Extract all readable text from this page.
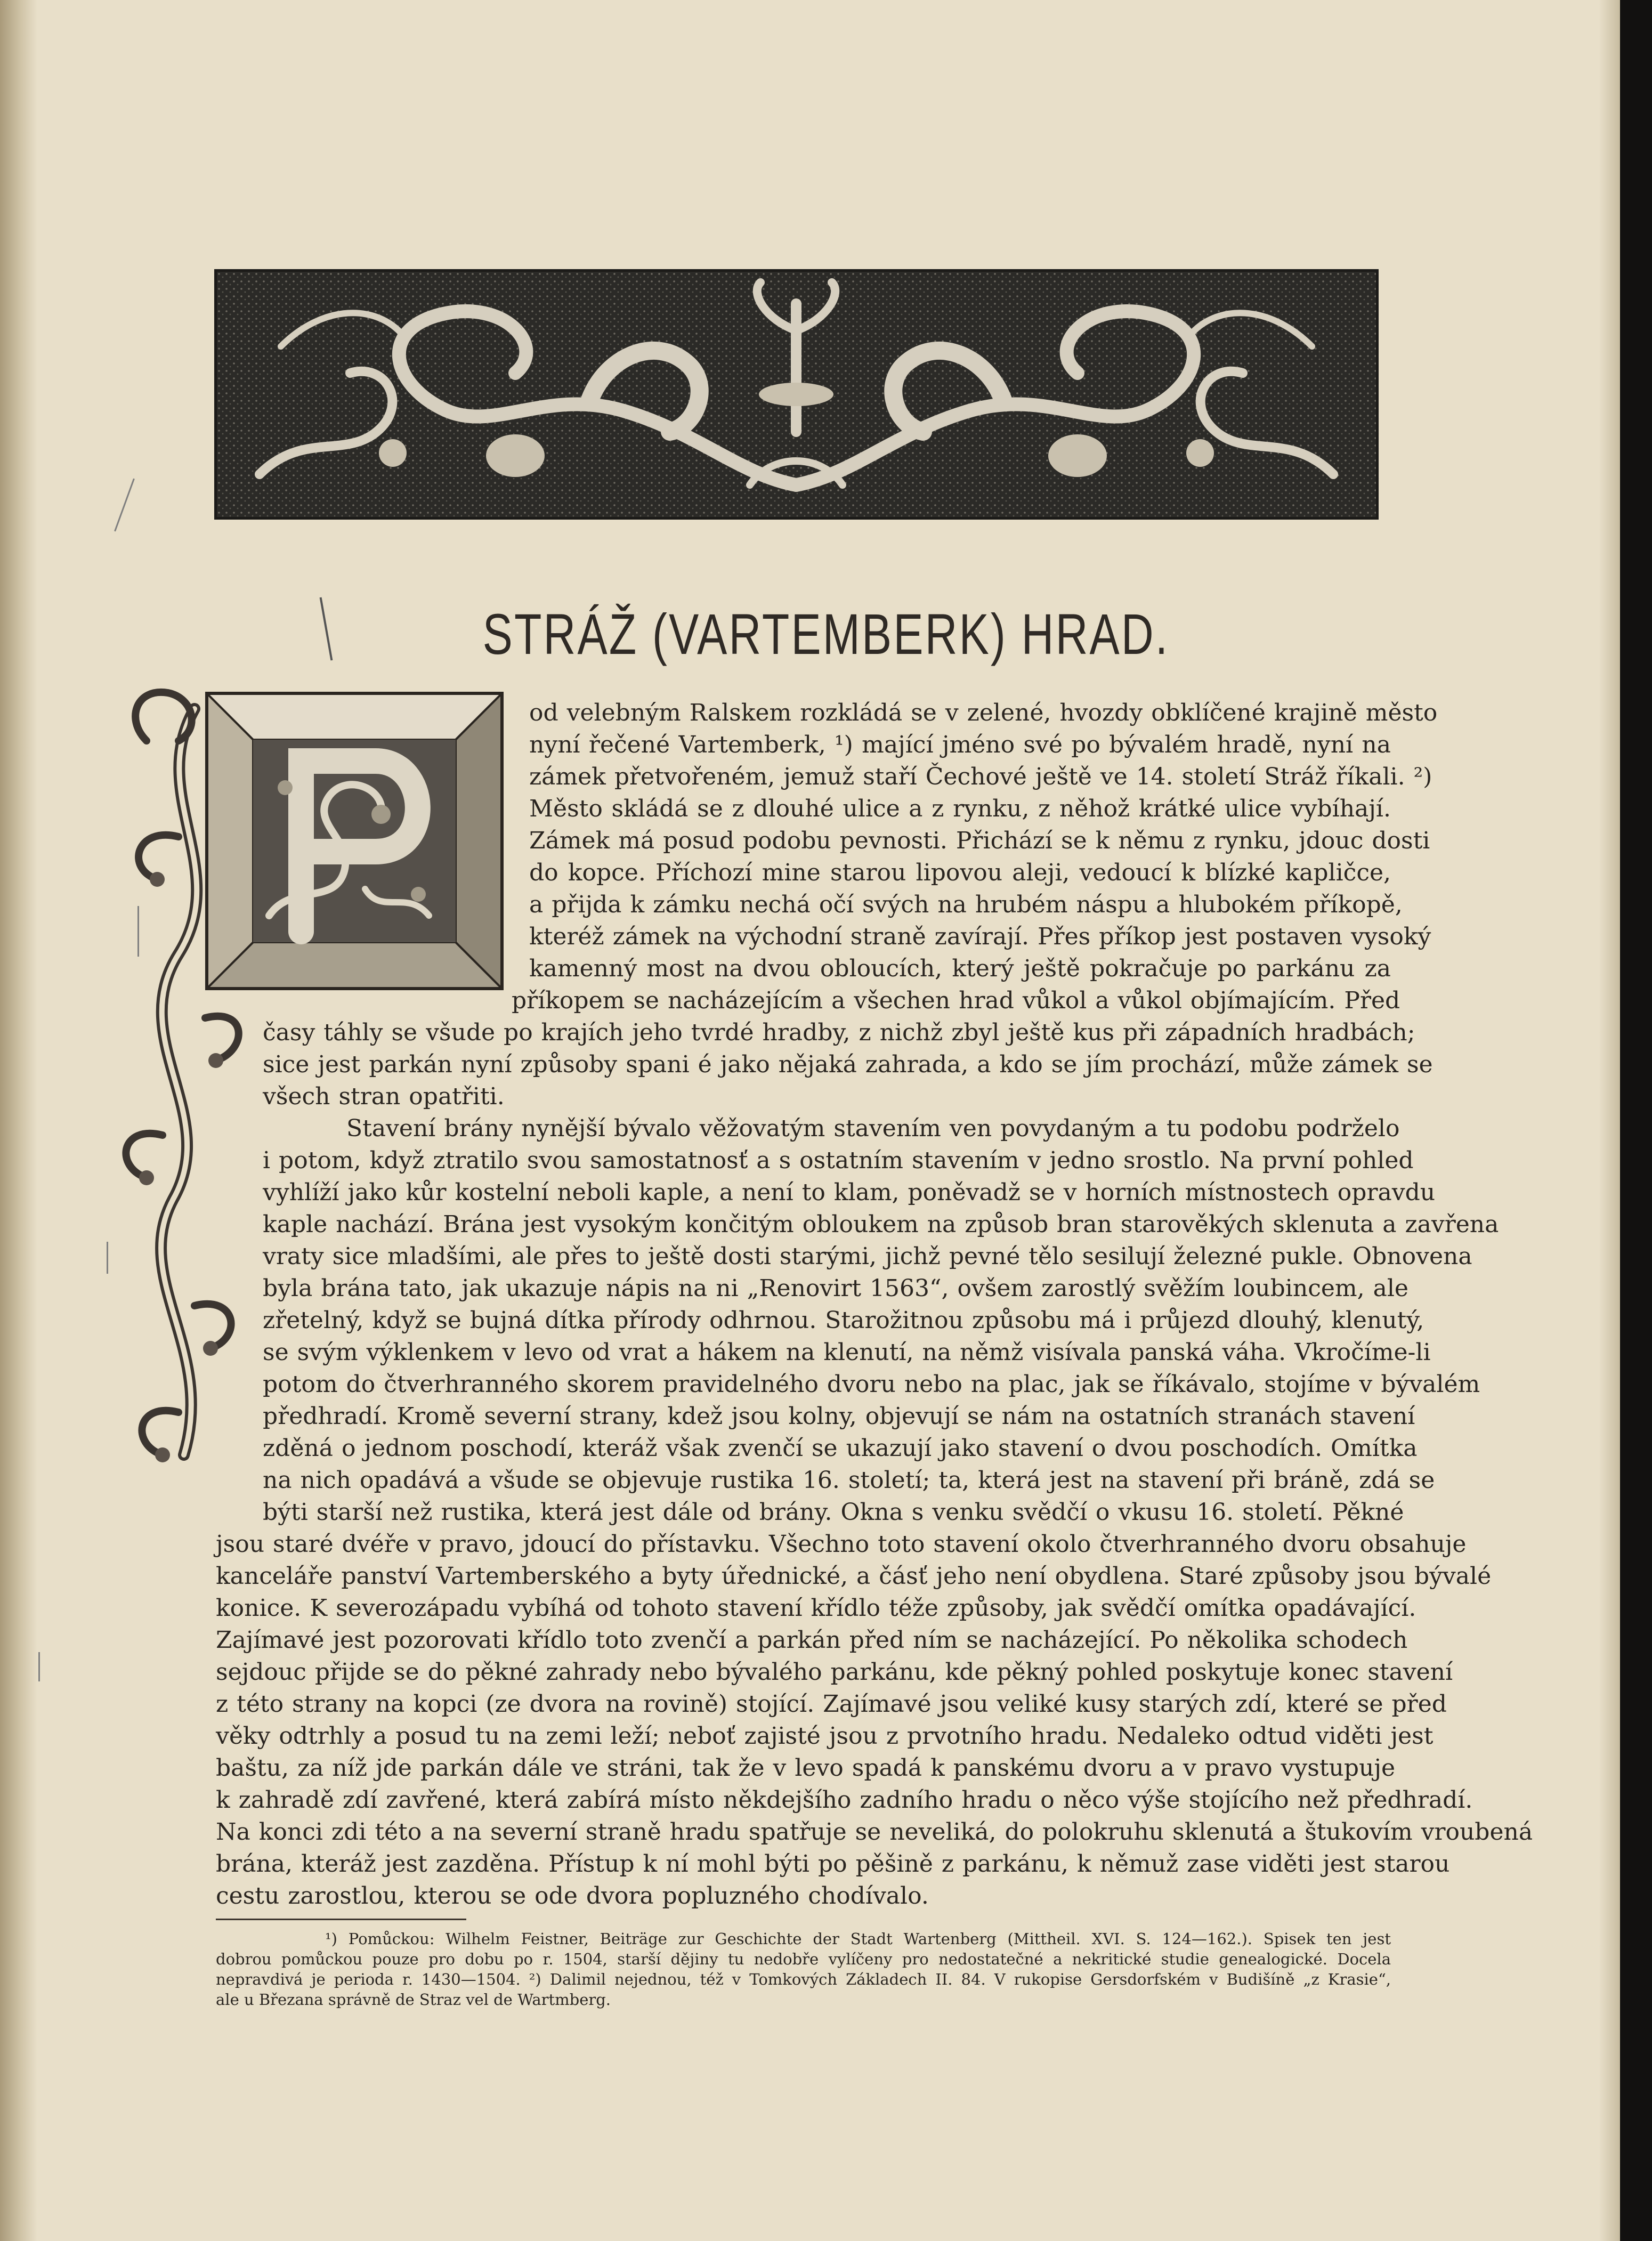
STRÁŽ (VARTEMBERK) HRAD.
od velebným Ralskem rozkládá se v zelené, hvozdy obklíčené krajině město
nyní řečené Vartemberk, ¹) mající jméno své po bývalém hradě, nyní na
zámek přetvořeném, jemuž staří Čechové ještě ve 14. století Stráž říkali. ²)
Město skládá se z dlouhé ulice a z rynku, z něhož krátké ulice vybíhají.
Zámek má posud podobu pevnosti. Přichází se k němu z rynku, jdouc dosti
do kopce. Příchozí mine starou lipovou aleji, vedoucí k blízké kapličce,
a přijda k zámku nechá očí svých na hrubém náspu a hlubokém příkopě,
kteréž zámek na východní straně zavírají. Přes příkop jest postaven vysoký
kamenný most na dvou obloucích, který ještě pokračuje po parkánu za
příkopem se nacházejícím a všechen hrad vůkol a vůkol objímajícím. Před
časy táhly se všude po krajích jeho tvrdé hradby, z nichž zbyl ještě kus při západních hradbách;
sice jest parkán nyní způsoby spani é jako nějaká zahrada, a kdo se jím prochází, může zámek se
všech stran opatřiti.
Stavení brány nynější bývalo věžovatým stavením ven povydaným a tu podobu podrželo
i potom, když ztratilo svou samostatnosť a s ostatním stavením v jedno srostlo. Na první pohled
vyhlíží jako kůr kostelní neboli kaple, a není to klam, poněvadž se v horních místnostech opravdu
kaple nachází. Brána jest vysokým končitým obloukem na způsob bran starověkých sklenuta a zavřena
vraty sice mladšími, ale přes to ještě dosti starými, jichž pevné tělo sesilují železné pukle. Obnovena
byla brána tato, jak ukazuje nápis na ni „Renovirt 1563“, ovšem zarostlý svěžím loubincem, ale
zřetelný, když se bujná dítka přírody odhrnou. Starožitnou způsobu má i průjezd dlouhý, klenutý,
se svým výklenkem v levo od vrat a hákem na klenutí, na němž visívala panská váha. Vkročíme-li
potom do čtverhranného skorem pravidelného dvoru nebo na plac, jak se říkávalo, stojíme v bývalém
předhradí. Kromě severní strany, kdež jsou kolny, objevují se nám na ostatních stranách stavení
zděná o jednom poschodí, kteráž však zvenčí se ukazují jako stavení o dvou poschodích. Omítka
na nich opadává a všude se objevuje rustika 16. století; ta, která jest na stavení při bráně, zdá se
býti starší než rustika, která jest dále od brány. Okna s venku svědčí o vkusu 16. století. Pěkné
jsou staré dvéře v pravo, jdoucí do přístavku. Všechno toto stavení okolo čtverhranného dvoru obsahuje
kanceláře panství Vartemberského a byty úřednické, a čásť jeho není obydlena. Staré způsoby jsou bývalé
konice. K severozápadu vybíhá od tohoto stavení křídlo téže způsoby, jak svědčí omítka opadávající.
Zajímavé jest pozorovati křídlo toto zvenčí a parkán před ním se nacházející. Po několika schodech
sejdouc přijde se do pěkné zahrady nebo bývalého parkánu, kde pěkný pohled poskytuje konec stavení
z této strany na kopci (ze dvora na rovině) stojící. Zajímavé jsou veliké kusy starých zdí, které se před
věky odtrhly a posud tu na zemi leží; neboť zajisté jsou z prvotního hradu. Nedaleko odtud viděti jest
baštu, za níž jde parkán dále ve stráni, tak že v levo spadá k panskému dvoru a v pravo vystupuje
k zahradě zdí zavřené, která zabírá místo někdejšího zadního hradu o něco výše stojícího než předhradí.
Na konci zdi této a na severní straně hradu spatřuje se neveliká, do polokruhu sklenutá a štukovím vroubená
brána, kteráž jest zazděna. Přístup k ní mohl býti po pěšině z parkánu, k němuž zase viděti jest starou
cestu zarostlou, kterou se ode dvora popluzného chodívalo.
¹) Pomůckou: Wilhelm Feistner, Beiträge zur Geschichte der Stadt Wartenberg (Mittheil. XVI. S. 124—162.). Spisek ten jest
dobrou pomůckou pouze pro dobu po r. 1504, starší dějiny tu nedobře vylíčeny pro nedostatečné a nekritické studie genealogické. Docela
nepravdivá je perioda r. 1430—1504. ²) Dalimil nejednou, též v Tomkových Základech II. 84. V rukopise Gersdorfském v Budišíně „z Krasie“,
ale u Březana správně de Straz vel de Wartmberg.
